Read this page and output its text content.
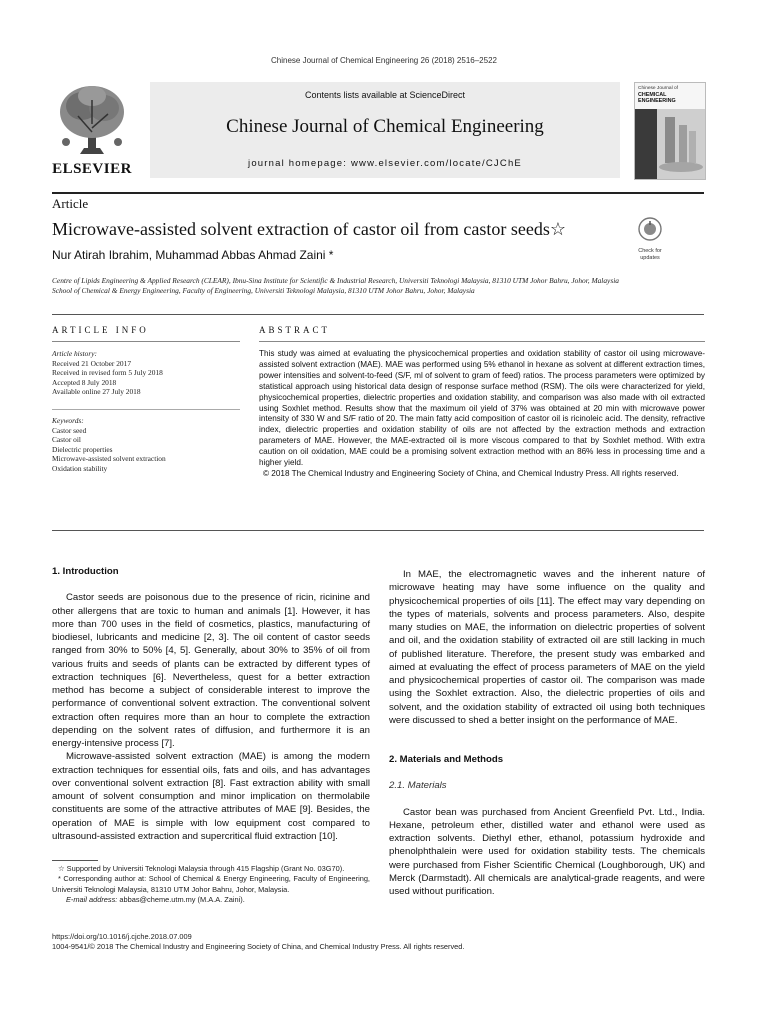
Chinese Journal of Chemical Engineering 26 (2018) 2516–2522
ELSEVIER
Contents lists available at ScienceDirect
Chinese Journal of Chemical Engineering
journal homepage: www.elsevier.com/locate/CJChE
Chinese Journal of
CHEMICAL ENGINEERING
Article
Microwave-assisted solvent extraction of castor oil from castor seeds☆
Check for updates
Nur Atirah Ibrahim, Muhammad Abbas Ahmad Zaini *
Centre of Lipids Engineering & Applied Research (CLEAR), Ibnu-Sina Institute for Scientific & Industrial Research, Universiti Teknologi Malaysia, 81310 UTM Johor Bahru, Johor, Malaysia
School of Chemical & Energy Engineering, Faculty of Engineering, Universiti Teknologi Malaysia, 81310 UTM Johor Bahru, Johor, Malaysia
ARTICLE INFO	ABSTRACT
Article history:
Received 21 October 2017
Received in revised form 5 July 2018
Accepted 8 July 2018
Available online 27 July 2018
Keywords:
Castor seed
Castor oil
Dielectric properties
Microwave-assisted solvent extraction
Oxidation stability
This study was aimed at evaluating the physicochemical properties and oxidation stability of castor oil using microwave-assisted solvent extraction (MAE). MAE was performed using 5% ethanol in hexane as solvent at different extraction times, power intensities and solvent-to-feed (S/F, ml of solvent to gram of feed) ratios. The process parameters were optimized by statistical approach using historical data design of response surface method (RSM). The oils were characterized for yield, physicochemical properties, dielectric properties and oxidation stability, and comparison was also made with oil extracted using Soxhlet method. Results show that the maximum oil yield of 37% was obtained at 20 min with microwave power intensity of 330 W and S/F ratio of 20. The main fatty acid composition of castor oil is ricinoleic acid. The density, refractive index, dielectric properties and oxidation stability of oils are not affected by the extraction methods and extraction parameters of MAE. However, the MAE-extracted oil is more viscous compared to that by Soxhlet method. With extra caution on oil oxidation, MAE could be a promising solvent extraction method with an 86% less in processing time and a higher yield.
© 2018 The Chemical Industry and Engineering Society of China, and Chemical Industry Press. All rights reserved.
1. Introduction

Castor seeds are poisonous due to the presence of ricin, ricinine and other allergens that are toxic to human and animals [1]. However, it has more than 700 uses in the field of cosmetics, plastics, manufacturing of biodiesel, lubricants and medicine [2, 3]. The oil content of castor seeds ranged from 30% to 50% [4, 5]. Generally, about 30% to 35% of oil from various fruits and seeds of plants can be extracted by different types of extraction techniques [6]. Nevertheless, quest for a better extraction method has become a subject of considerable interest to improve the performance of conventional solvent extraction. The conventional solvent extraction often requires more than an hour to complete the extraction depending on the solvent rates of diffusion, and furthermore it is an energy-intensive process [7].

Microwave-assisted solvent extraction (MAE) is among the modern extraction techniques for essential oils, fats and oils, and has advantages over conventional solvent extraction [8]. Fast extraction ability with small amount of solvent consumption and minor implication on thermolabile constituents are some of the attractive attributes of MAE [9]. Besides, the operation of MAE is simple with low equipment cost compared to ultrasound-assisted extraction and supercritical fluid extraction [10].

In MAE, the electromagnetic waves and the inherent nature of microwave heating may have some influence on the quality and physicochemical properties of oils [11]. The effect may vary depending on the types of materials, solvents and process parameters. Also, despite many studies on MAE, the information on dielectric properties of solvent and oil, and the oxidation stability of extracted oil are still lacking in much of published literature. Therefore, the present study was embarked and aimed at evaluating the effect of process parameters of MAE on the yield and physicochemical properties of castor oil. The comparison was made using the Soxhlet extraction. Also, the dielectric properties of oils and solvent, and the oxidation stability of extracted oil using both techniques were discussed to shed a better insight on the performance of MAE.

2. Materials and Methods
2.1. Materials

Castor bean was purchased from Ancient Greenfield Pvt. Ltd., India. Hexane, petroleum ether, distilled water and ethanol were used as extraction solvents. Diethyl ether, ethanol, potassium hydroxide and phenolphthalein were used for oxidation stability tests. The chemicals were purchased from Fisher Scientific Chemical (Loughborough, UK) and Merck (Darmstadt). All chemicals are analytical-grade reagents, and were used without purification.

☆ Supported by Universiti Teknologi Malaysia through 415 Flagship (Grant No. 03G70).
* Corresponding author at: School of Chemical & Energy Engineering, Faculty of Engineering, Universiti Teknologi Malaysia, 81310 UTM Johor Bahru, Johor, Malaysia.
E-mail address: abbas@cheme.utm.my (M.A.A. Zaini).
https://doi.org/10.1016/j.cjche.2018.07.009
1004-9541/© 2018 The Chemical Industry and Engineering Society of China, and Chemical Industry Press. All rights reserved.
